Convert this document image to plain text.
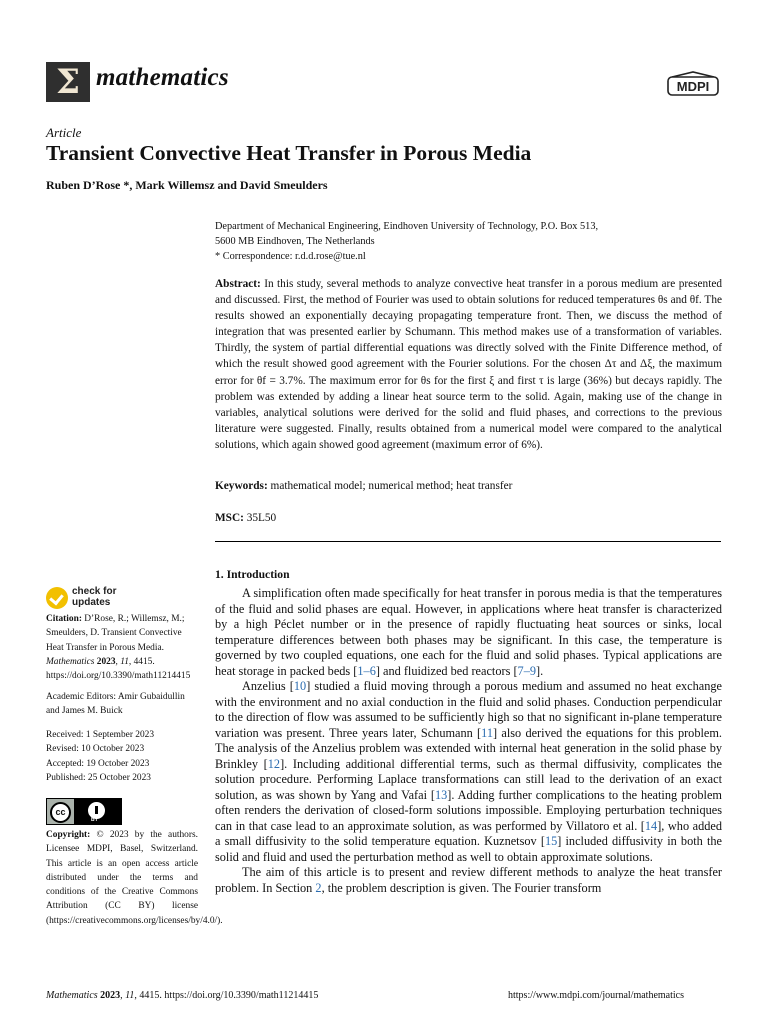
Σ mathematics	MDPI
Article
Transient Convective Heat Transfer in Porous Media
Ruben D’Rose *, Mark Willemsz and David Smeulders
Department of Mechanical Engineering, Eindhoven University of Technology, P.O. Box 513,
5600 MB Eindhoven, The Netherlands
* Correspondence: r.d.d.rose@tue.nl
Abstract: In this study, several methods to analyze convective heat transfer in a porous medium are presented and discussed. First, the method of Fourier was used to obtain solutions for reduced temperatures θs and θf. The results showed an exponentially decaying propagating temperature front. Then, we discuss the method of integration that was presented earlier by Schumann. This method makes use of a transformation of variables. Thirdly, the system of partial differential equations was directly solved with the Finite Difference method, of which the result showed good agreement with the Fourier solutions. For the chosen Δτ and Δξ, the maximum error for θf = 3.7%. The maximum error for θs for the first ξ and first τ is large (36%) but decays rapidly. The problem was extended by adding a linear heat source term to the solid. Again, making use of the change in variables, analytical solutions were derived for the solid and fluid phases, and corrections to the previous literature were suggested. Finally, results obtained from a numerical model were compared to the analytical solutions, which again showed good agreement (maximum error of 6%).
Keywords: mathematical model; numerical method; heat transfer
MSC: 35L50
1. Introduction

A simplification often made specifically for heat transfer in porous media is that the temperatures of the fluid and solid phases are equal. However, in applications where heat transfer is characterized by a high Péclet number or in the presence of rapidly fluctuating heat sources or sinks, local temperature differences between both phases may be significant. In this case, the temperature is governed by two coupled equations, one each for the fluid and solid phases. Typical applications are heat storage in packed beds [1–6] and fluidized bed reactors [7–9].

Anzelius [10] studied a fluid moving through a porous medium and assumed no heat exchange with the environment and no axial conduction in the fluid and solid phases. Conduction perpendicular to the direction of flow was assumed to be sufficiently high so that no significant in-plane temperature variation was present. Three years later, Schumann [11] also derived the equations for this problem. The analysis of the Anzelius problem was extended with internal heat generation in the solid phase by Brinkley [12]. Including additional differential terms, such as thermal diffusivity, complicates the solution procedure. Performing Laplace transformations can still lead to the derivation of an exact solution, as was shown by Yang and Vafai [13]. Adding further complications to the heating problem often renders the derivation of closed-form solutions impossible. Employing perturbation techniques can in that case lead to an approximate solution, as was performed by Villatoro et al. [14], who added a small diffusivity to the solid temperature equation. Kuznetsov [15] included diffusivity in both the solid and fluid and used the perturbation method as well to obtain approximate solutions.

The aim of this article is to present and review different methods to analyze the heat transfer problem. In Section 2, the problem description is given. The Fourier transform

check for
updates
Citation: D’Rose, R.; Willemsz, M.; Smeulders, D. Transient Convective Heat Transfer in Porous Media. Mathematics 2023, 11, 4415. https://doi.org/10.3390/math11214415
Academic Editors: Amir Gubaidullin and James M. Buick
Received: 1 September 2023
Revised: 10 October 2023
Accepted: 19 October 2023
Published: 25 October 2023
cc
BY
Copyright: © 2023 by the authors. Licensee MDPI, Basel, Switzerland. This article is an open access article distributed under the terms and conditions of the Creative Commons Attribution (CC BY) license (https://creativecommons.org/licenses/by/4.0/).
Mathematics 2023, 11, 4415. https://doi.org/10.3390/math11214415	https://www.mdpi.com/journal/mathematics
